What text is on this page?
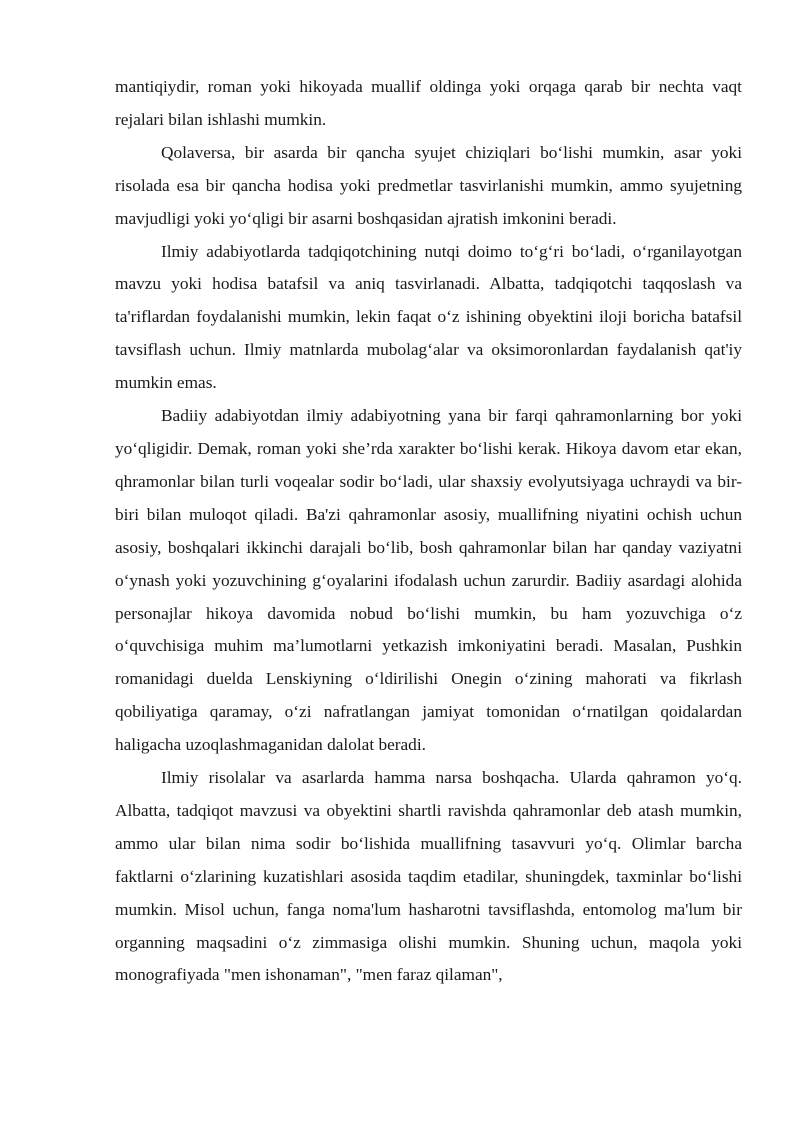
mantiqiydir, roman yoki hikoyada muallif oldinga yoki orqaga qarab bir nechta vaqt rejalari bilan ishlashi mumkin.

Qolaversa, bir asarda bir qancha syujet chiziqlari bo‘lishi mumkin, asar yoki risolada esa bir qancha hodisa yoki predmetlar tasvirlanishi mumkin, ammo syujetning mavjudligi yoki yo‘qligi bir asarni boshqasidan ajratish imkonini beradi.

Ilmiy adabiyotlarda tadqiqotchining nutqi doimo to‘g‘ri bo‘ladi, o‘rganilayotgan mavzu yoki hodisa batafsil va aniq tasvirlanadi. Albatta, tadqiqotchi taqqoslash va ta'riflardan foydalanishi mumkin, lekin faqat o‘z ishining obyektini iloji boricha batafsil tavsiflash uchun. Ilmiy matnlarda mubolag‘alar va oksimoronlardan faydalanish qat'iy mumkin emas.

Badiiy adabiyotdan ilmiy adabiyotning yana bir farqi qahramonlarning bor yoki yo‘qligidir. Demak, roman yoki she’rda xarakter bo‘lishi kerak. Hikoya davom etar ekan, qhramonlar bilan turli voqealar sodir bo‘ladi, ular shaxsiy evolyutsiyaga uchraydi va bir-biri bilan muloqot qiladi. Ba'zi qahramonlar asosiy, muallifning niyatini ochish uchun asosiy, boshqalari ikkinchi darajali bo‘lib, bosh qahramonlar bilan har qanday vaziyatni o‘ynash yoki yozuvchining g‘oyalarini ifodalash uchun zarurdir. Badiiy asardagi alohida personajlar hikoya davomida nobud bo‘lishi mumkin, bu ham yozuvchiga o‘z o‘quvchisiga muhim ma’lumotlarni yetkazish imkoniyatini beradi. Masalan, Pushkin romanidagi duelda Lenskiyning o‘ldirilishi Onegin o‘zining mahorati va fikrlash qobiliyatiga qaramay, o‘zi nafratlangan jamiyat tomonidan o‘rnatilgan qoidalardan haligacha uzoqlashmaganidan dalolat beradi.

Ilmiy risolalar va asarlarda hamma narsa boshqacha. Ularda qahramon yo‘q. Albatta, tadqiqot mavzusi va obyektini shartli ravishda qahramonlar deb atash mumkin, ammo ular bilan nima sodir bo‘lishida muallifning tasavvuri yo‘q. Olimlar barcha faktlarni o‘zlarining kuzatishlari asosida taqdim etadilar, shuningdek, taxminlar bo‘lishi mumkin. Misol uchun, fanga noma'lum hasharotni tavsiflashda, entomolog ma'lum bir organning maqsadini o‘z zimmasiga olishi mumkin. Shuning uchun, maqola yoki monografiyada "men ishonaman", "men faraz qilaman",
